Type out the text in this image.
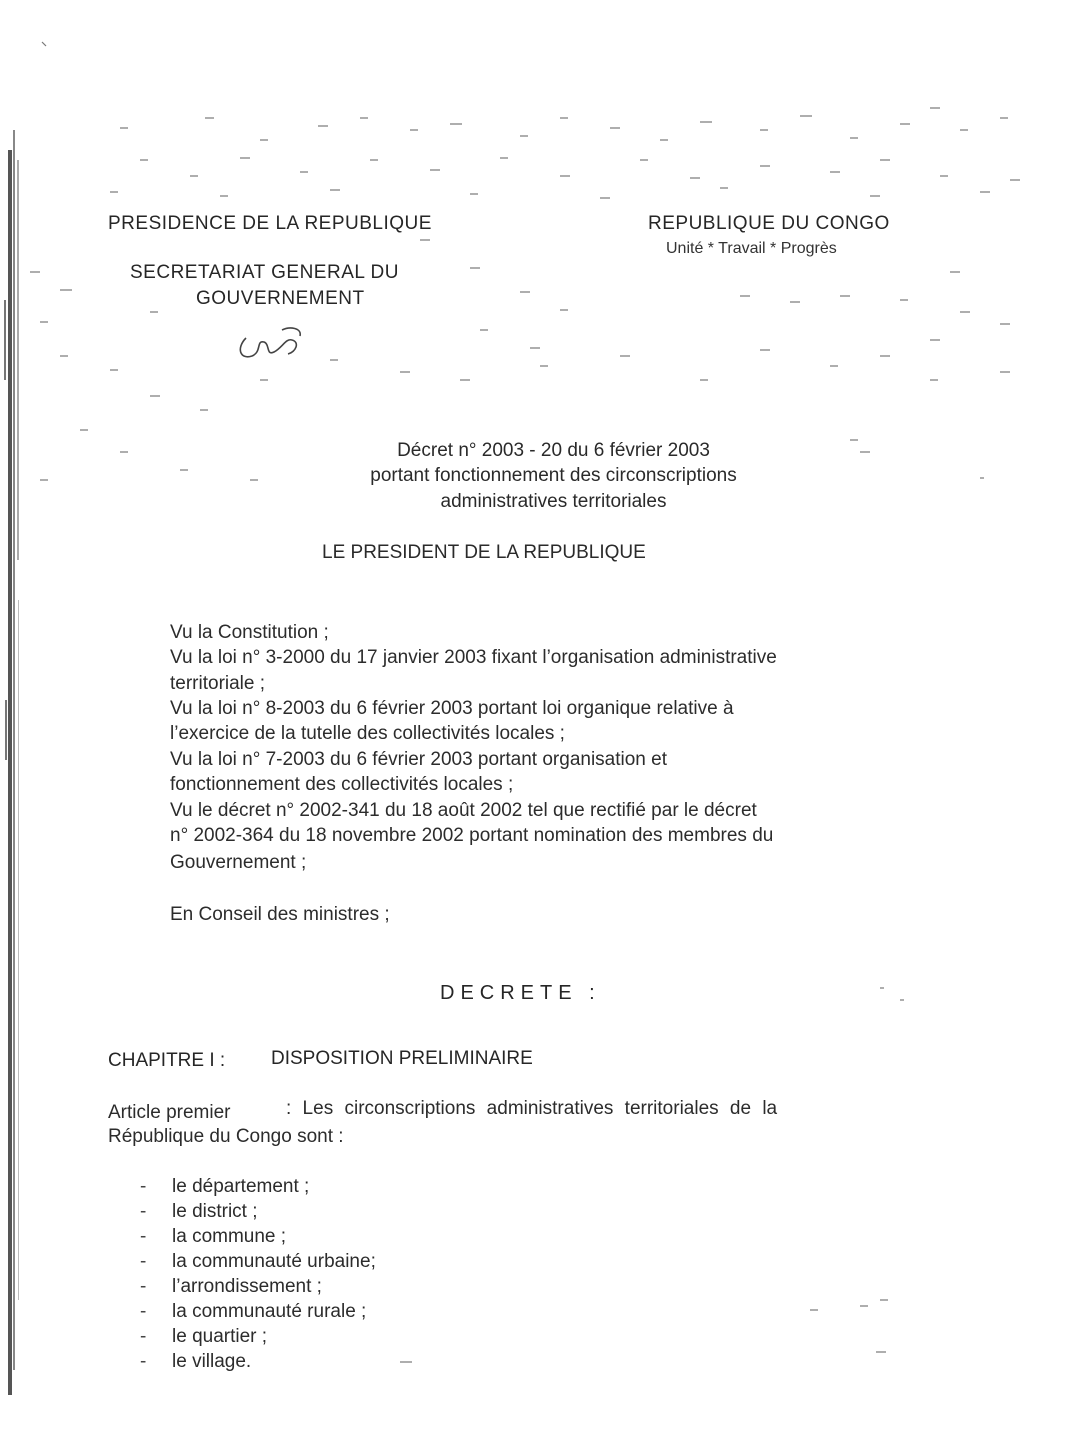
PRESIDENCE DE LA REPUBLIQUE
SECRETARIAT GENERAL DU
GOUVERNEMENT
REPUBLIQUE DU CONGO
Unité * Travail * Progrès
Décret n° 2003 - 20 du 6 février 2003
portant fonctionnement des circonscriptions
administratives territoriales
LE PRESIDENT DE LA REPUBLIQUE
Vu la Constitution ;
Vu la loi n° 3-2000 du 17 janvier 2003 fixant l’organisation administrative
territoriale ;
Vu la loi n° 8-2003 du 6 février 2003 portant loi organique relative à
l’exercice de la tutelle des collectivités locales ;
Vu la loi n° 7-2003 du 6 février 2003 portant organisation et
fonctionnement des collectivités locales ;
Vu le décret n° 2002-341 du 18 août 2002 tel que rectifié par le décret
n° 2002-364 du 18 novembre 2002 portant nomination des membres du
Gouvernement ;
En Conseil des ministres ;
DECRETE :
CHAPITRE I : DISPOSITION PRELIMINAIRE
Article premier	: Les circonscriptions administratives territoriales de la
République du Congo sont :
- le département ;
- le district ;
- la commune ;
- la communauté urbaine;
- l’arrondissement ;
- la communauté rurale ;
- le quartier ;
- le village.
